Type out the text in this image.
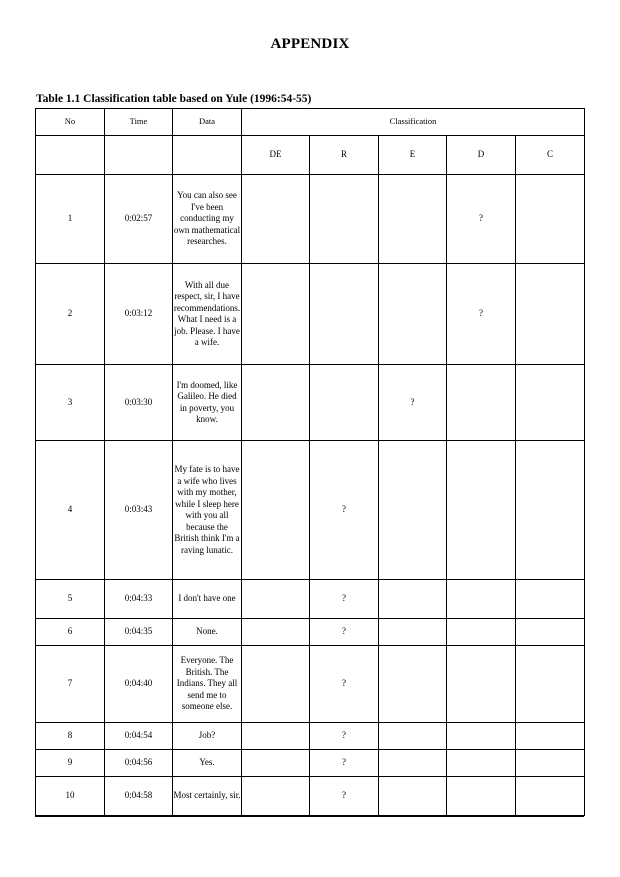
APPENDIX
Table 1.1 Classification table based on Yule (1996:54-55)
No	Time	Data	Classification				
			DE	R	E	D	C
1	0:02:57	You can also see I've been conducting my own mathematical researches.				?	
2	0:03:12	With all due respect, sir, I have recommendations. What I need is a job. Please. I have a wife.				?	
3	0:03:30	I'm doomed, like Galileo. He died in poverty, you know.			?		
4	0:03:43	My fate is to have a wife who lives with my mother, while I sleep here with you all because the British think I'm a raving lunatic.		?			
5	0:04:33	I don't have one		?			
6	0:04:35	None.		?			
7	0:04:40	Everyone. The British. The Indians. They all send me to someone else.		?			
8	0:04:54	Job?		?			
9	0:04:56	Yes.		?			
10	0:04:58	Most certainly, sir.		?			
